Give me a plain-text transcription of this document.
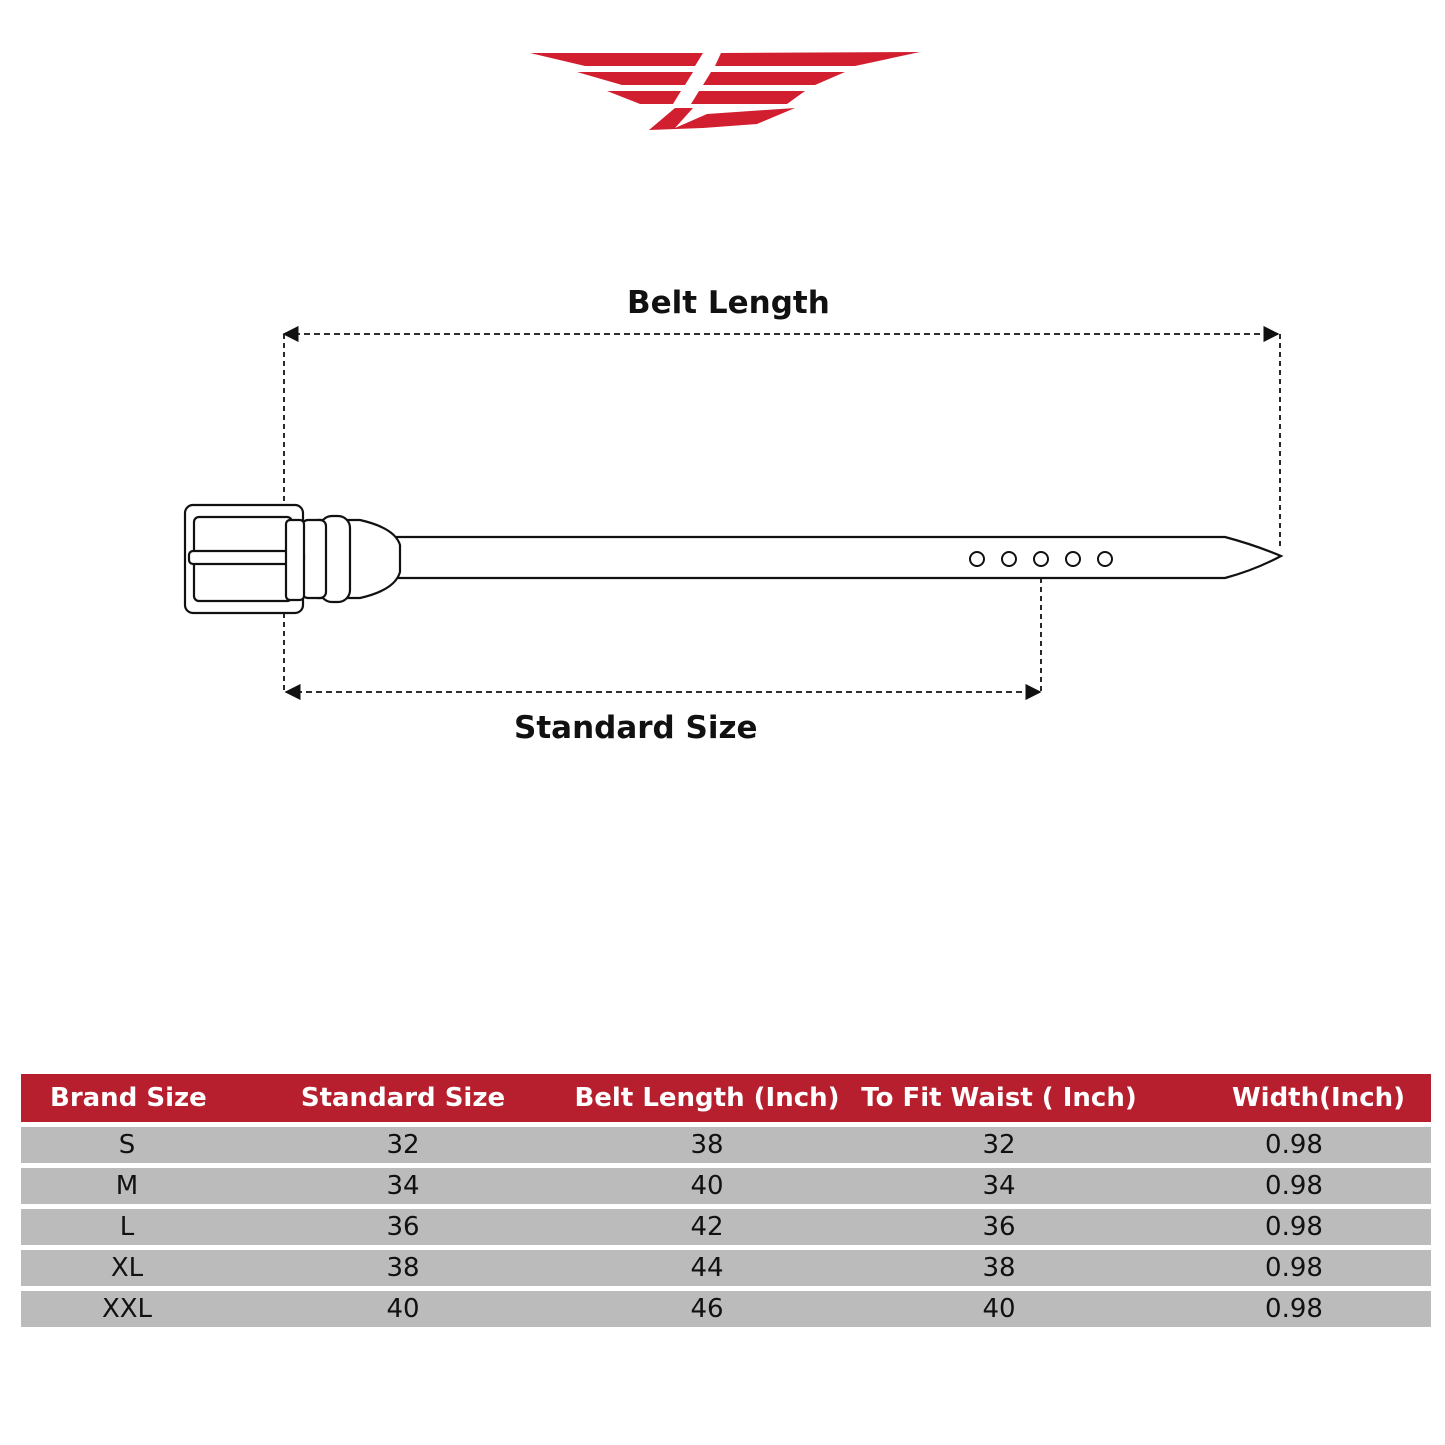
Belt Length
Standard Size
Brand Size	Standard Size	Belt Length (Inch)	To Fit Waist ( Inch)	Width(Inch)

S	32	38	32	0.98

M	34	40	34	0.98

L	36	42	36	0.98

XL	38	44	38	0.98

XXL	40	46	40	0.98
